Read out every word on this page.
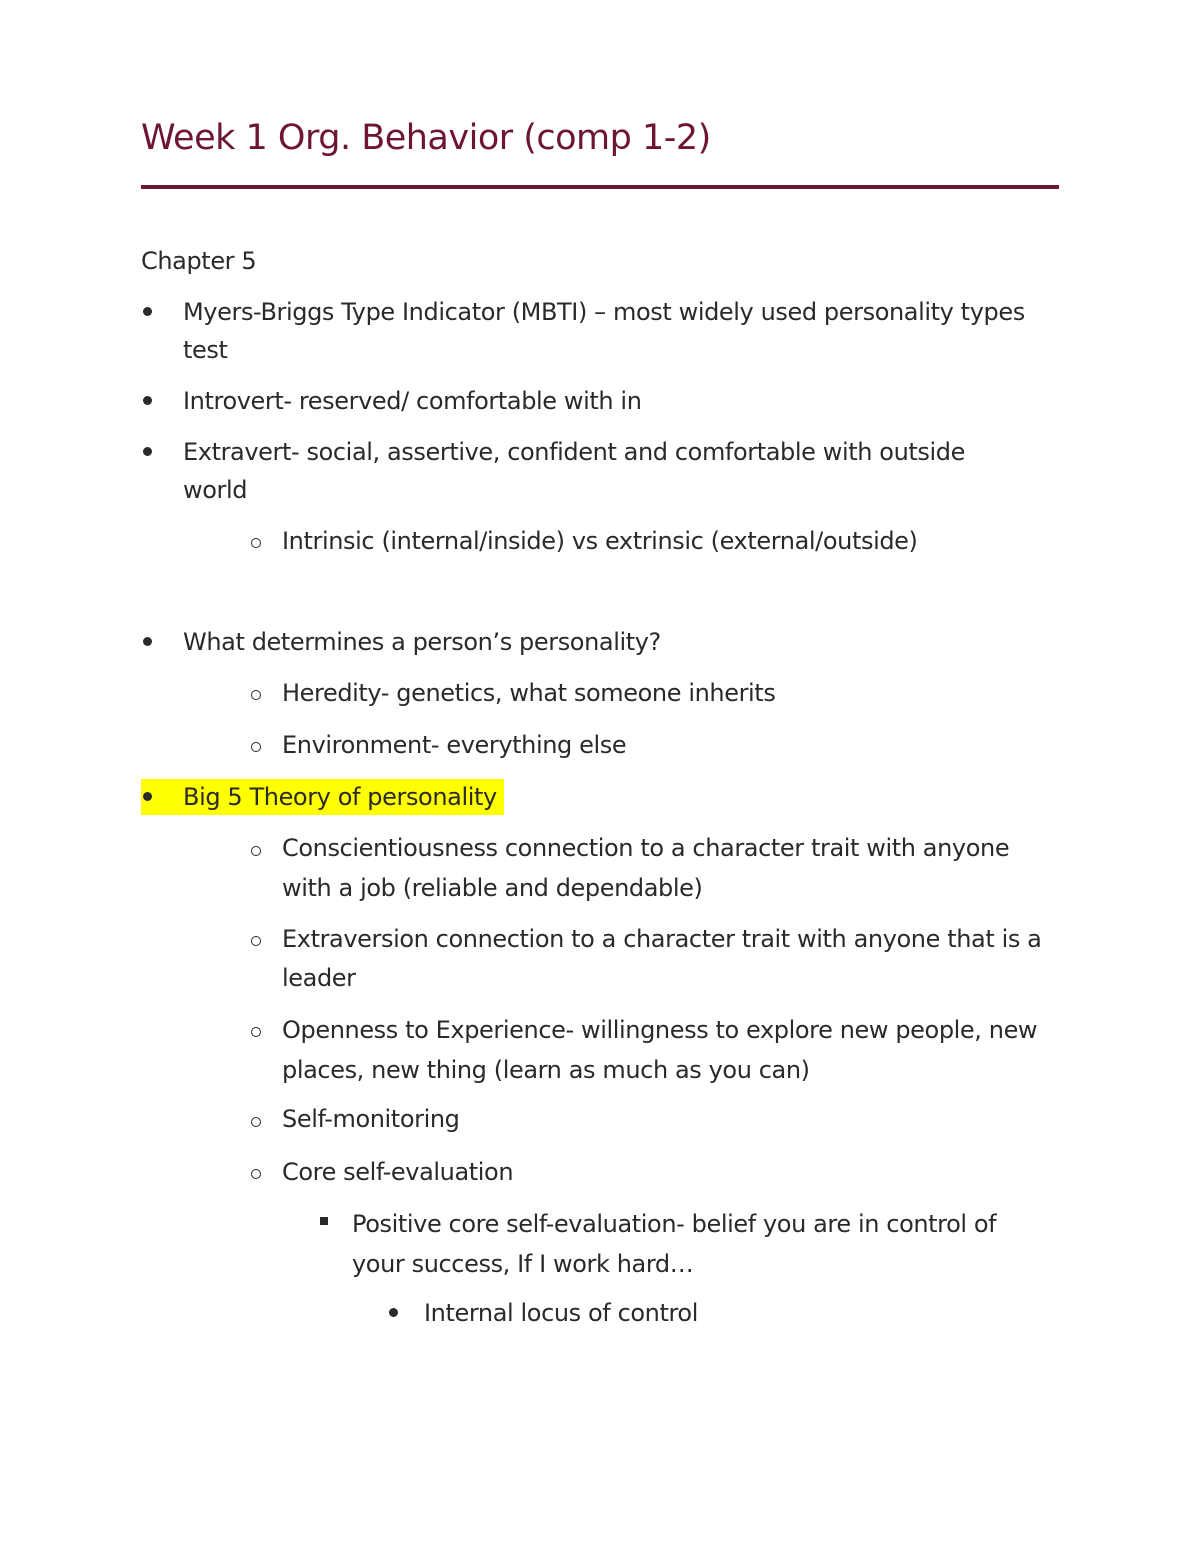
Week 1 Org. Behavior (comp 1-2)
Chapter 5
Myers-Briggs Type Indicator (MBTI) – most widely used personality types
test
Introvert- reserved/ comfortable with in
Extravert- social, assertive, confident and comfortable with outside
world
Intrinsic (internal/inside) vs extrinsic (external/outside)
What determines a person’s personality?
Heredity- genetics, what someone inherits
Environment- everything else
Big 5 Theory of personality
Conscientiousness connection to a character trait with anyone
with a job (reliable and dependable)
Extraversion connection to a character trait with anyone that is a
leader
Openness to Experience- willingness to explore new people, new
places, new thing (learn as much as you can)
Self-monitoring
Core self-evaluation
Positive core self-evaluation- belief you are in control of
your success, If I work hard…
Internal locus of control
